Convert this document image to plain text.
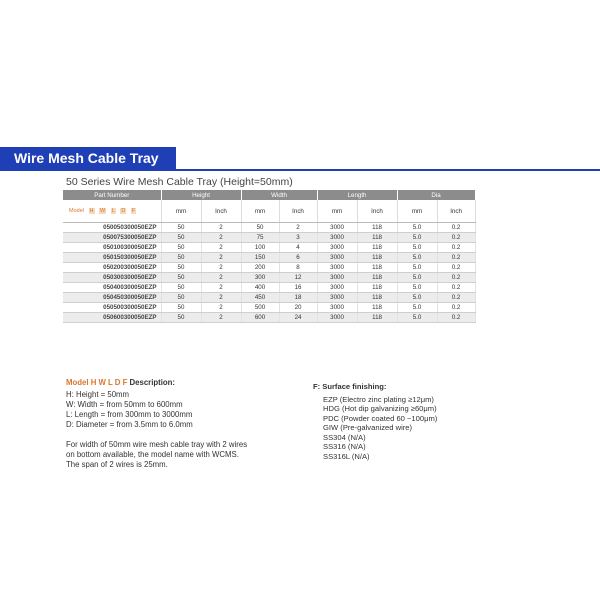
Wire Mesh Cable Tray
50 Series Wire Mesh Cable Tray (Height=50mm)
Part Number	Height		Width		Length		Dia	
Model H W L D F	mm	Inch	mm	Inch	mm	Inch	mm	Inch
050050300050EZP	50	2	50	2	3000	118	5.0	0.2
050075300050EZP	50	2	75	3	3000	118	5.0	0.2
050100300050EZP	50	2	100	4	3000	118	5.0	0.2
050150300050EZP	50	2	150	6	3000	118	5.0	0.2
050200300050EZP	50	2	200	8	3000	118	5.0	0.2
050300300050EZP	50	2	300	12	3000	118	5.0	0.2
050400300050EZP	50	2	400	16	3000	118	5.0	0.2
050450300050EZP	50	2	450	18	3000	118	5.0	0.2
050500300050EZP	50	2	500	20	3000	118	5.0	0.2
050600300050EZP	50	2	600	24	3000	118	5.0	0.2
Model H W L D F Description:
H: Height = 50mm
W: Width = from 50mm to 600mm
L: Length = from 300mm to 3000mm
D: Diameter = from 3.5mm to 6.0mm
For width of 50mm wire mesh cable tray with 2 wires
on bottom available, the model name with WCMS.
The span of 2 wires is 25mm.
F: Surface finishing:
EZP (Electro zinc plating ≥12μm)
HDG (Hot dip galvanizing ≥60μm)
PDC (Powder coated 60 ~100μm)
GIW (Pre-galvanized wire)
SS304 (N/A)
SS316 (N/A)
SS316L (N/A)
